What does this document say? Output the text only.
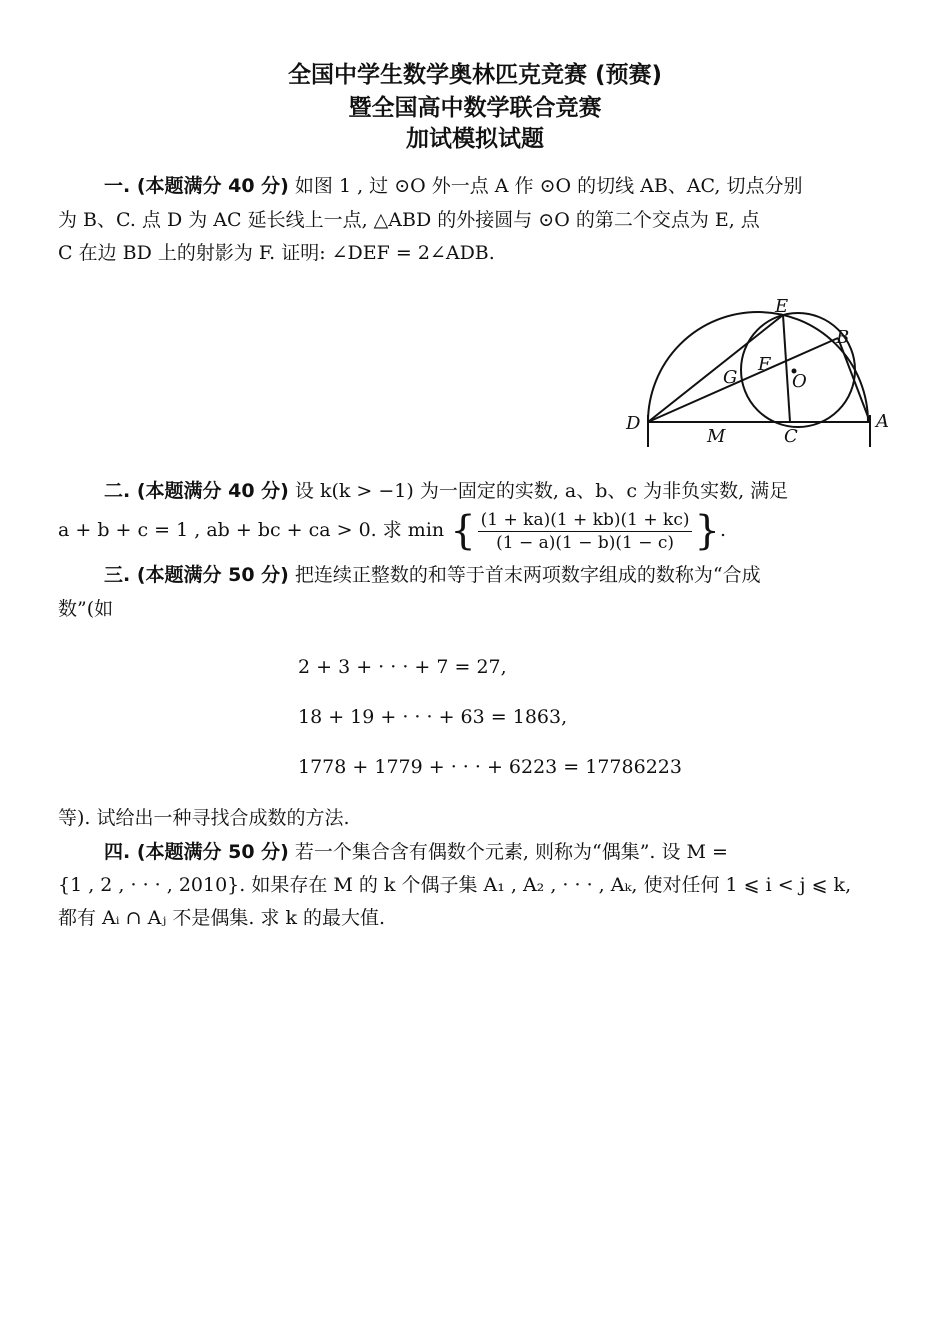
全国中学生数学奥林匹克竞赛 (预赛)
暨全国高中数学联合竞赛
加试模拟试题
一. (本题满分 40 分) 如图 1 , 过 ⊙O 外一点 A 作 ⊙O 的切线 AB、AC, 切点分别
为 B、C. 点 D 为 AC 延长线上一点, △ABD 的外接圆与 ⊙O 的第二个交点为 E, 点
C 在边 BD 上的射影为 F. 证明: ∠DEF = 2∠ADB.
E
B
G
F
O
D
M	C
A
二. (本题满分 40 分) 设 k(k > −1) 为一固定的实数, a、b、c 为非负实数, 满足
a + b + c = 1 , ab + bc + ca > 0. 求 min { $\frac{(1 + ka)(1 + kb)(1 + kc)}{(1 - a)(1 - b)(1 - c)}$ }.
三. (本题满分 50 分) 把连续正整数的和等于首末两项数字组成的数称为“合成
数”(如
2 + 3 + · · · + 7 = 27,
18 + 19 + · · · + 63 = 1863,
1778 + 1779 + · · · + 6223 = 17786223
等). 试给出一种寻找合成数的方法.
四. (本题满分 50 分) 若一个集合含有偶数个元素, 则称为“偶集”. 设 M =
{1 , 2 , · · · , 2010}. 如果存在 M 的 k 个偶子集 A₁ , A₂ , · · · , Aₖ, 使对任何 1 ⩽ i < j ⩽ k,
都有 Aᵢ ∩ Aⱼ 不是偶集. 求 k 的最大值.
